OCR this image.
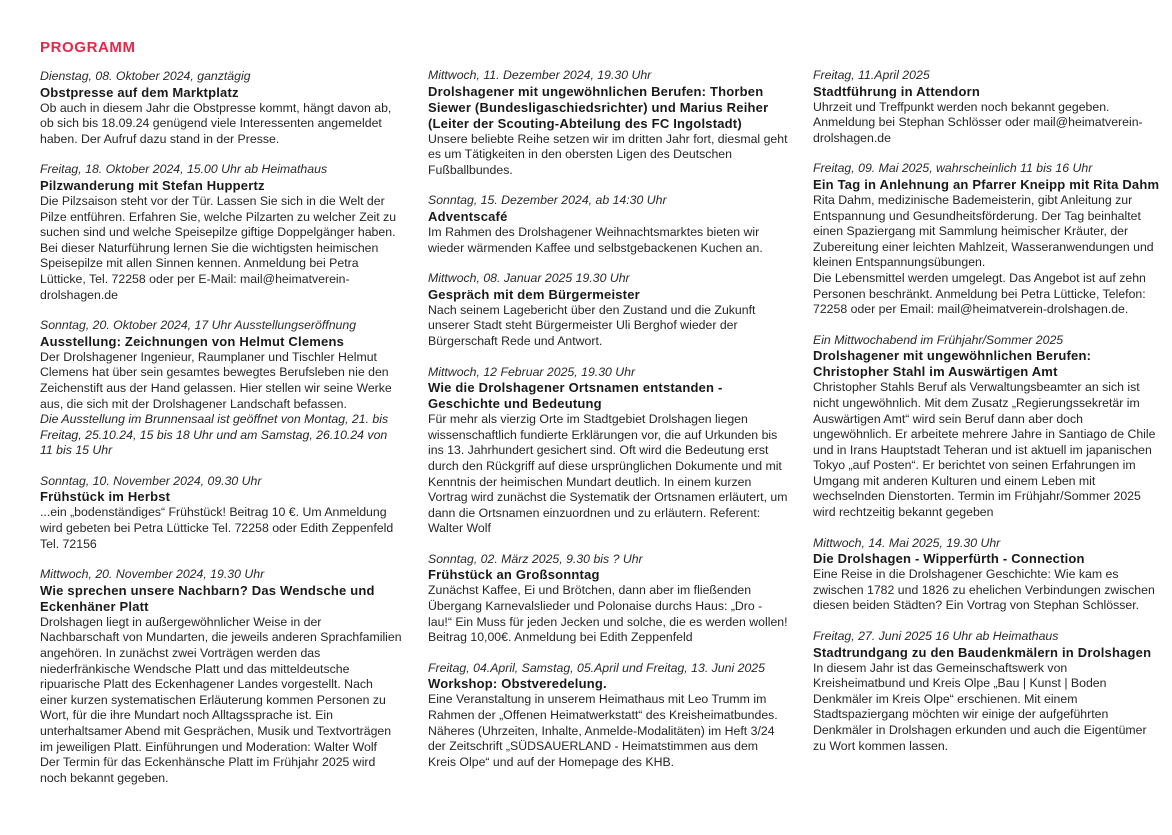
PROGRAMM

Dienstag, 08. Oktober 2024, ganztägig

Obstpresse auf dem Marktplatz

Ob auch in diesem Jahr die Obstpresse kommt, hängt davon ab, ob sich bis 18.09.24 genügend viele Interessenten angemeldet haben. Der Aufruf dazu stand in der Presse.

Freitag, 18. Oktober 2024, 15.00 Uhr ab Heimathaus

Pilzwanderung mit Stefan Huppertz

Die Pilzsaison steht vor der Tür. Lassen Sie sich in die Welt der Pilze entführen. Erfahren Sie, welche Pilzarten zu welcher Zeit zu suchen sind und welche Speisepilze giftige Doppelgänger haben. Bei dieser Naturführung lernen Sie die wichtigsten heimischen Speisepilze mit allen Sinnen kennen. Anmeldung bei Petra Lütticke, Tel. 72258 oder per E-Mail: mail@heimatverein-drolshagen.de

Sonntag, 20. Oktober 2024, 17 Uhr Ausstellungseröffnung

Ausstellung: Zeichnungen von Helmut Clemens

Der Drolshagener Ingenieur, Raumplaner und Tischler Helmut Clemens hat über sein gesamtes bewegtes Berufsleben nie den Zeichenstift aus der Hand gelassen. Hier stellen wir seine Werke aus, die sich mit der Drolshagener Landschaft befassen.

Die Ausstellung im Brunnensaal ist geöffnet von Montag, 21. bis Freitag, 25.10.24, 15 bis 18 Uhr und am Samstag, 26.10.24 von 11 bis 15 Uhr

Sonntag, 10. November 2024, 09.30 Uhr

Frühstück im Herbst

...ein „bodenständiges“ Frühstück! Beitrag 10 €. Um Anmeldung wird gebeten bei Petra Lütticke Tel. 72258 oder Edith Zeppenfeld Tel. 72156

Mittwoch, 20. November 2024, 19.30 Uhr

Wie sprechen unsere Nachbarn? Das Wendsche und Eckenhäner Platt

Drolshagen liegt in außergewöhnlicher Weise in der Nachbarschaft von Mundarten, die jeweils anderen Sprachfamilien angehören. In zunächst zwei Vorträgen werden das niederfränkische Wendsche Platt und das mitteldeutsche ripuarische Platt des Eckenhagener Landes vorgestellt. Nach einer kurzen systematischen Erläuterung kommen Personen zu Wort, für die ihre Mundart noch Alltagssprache ist. Ein unterhaltsamer Abend mit Gesprächen, Musik und Textvorträgen im jeweiligen Platt. Einführungen und Moderation: Walter Wolf

Der Termin für das Eckenhänsche Platt im Frühjahr 2025 wird noch bekannt gegeben.

Mittwoch, 11. Dezember 2024, 19.30 Uhr

Drolshagener mit ungewöhnlichen Berufen: Thorben Siewer (Bundesligaschiedsrichter) und Marius Reiher (Leiter der Scouting-Abteilung des FC Ingolstadt)

Unsere beliebte Reihe setzen wir im dritten Jahr fort, diesmal geht es um Tätigkeiten in den obersten Ligen des Deutschen Fußballbundes.

Sonntag, 15. Dezember 2024, ab 14:30 Uhr

Adventscafé

Im Rahmen des Drolshagener Weihnachtsmarktes bieten wir wieder wärmenden Kaffee und selbstgebackenen Kuchen an.

Mittwoch, 08. Januar 2025 19.30 Uhr

Gespräch mit dem Bürgermeister

Nach seinem Lagebericht über den Zustand und die Zukunft unserer Stadt steht Bürgermeister Uli Berghof wieder der Bürgerschaft Rede und Antwort.

Mittwoch, 12 Februar 2025, 19.30 Uhr

Wie die Drolshagener Ortsnamen entstanden - Geschichte und Bedeutung

Für mehr als vierzig Orte im Stadtgebiet Drolshagen liegen wissenschaftlich fundierte Erklärungen vor, die auf Urkunden bis ins 13. Jahrhundert gesichert sind. Oft wird die Bedeutung erst durch den Rückgriff auf diese ursprünglichen Dokumente und mit Kenntnis der heimischen Mundart deutlich. In einem kurzen Vortrag wird zunächst die Systematik der Ortsnamen erläutert, um dann die Ortsnamen einzuordnen und zu erläutern. Referent: Walter Wolf

Sonntag, 02. März 2025, 9.30 bis ? Uhr

Frühstück an Großsonntag

Zunächst Kaffee, Ei und Brötchen, dann aber im fließenden Übergang Karnevalslieder und Polonaise durchs Haus: „Dro - lau!“ Ein Muss für jeden Jecken und solche, die es werden wollen! Beitrag 10,00€. Anmeldung bei Edith Zeppenfeld

Freitag, 04.April, Samstag, 05.April und Freitag, 13. Juni 2025

Workshop: Obstveredelung.

Eine Veranstaltung in unserem Heimathaus mit Leo Trumm im Rahmen der „Offenen Heimatwerkstatt“ des Kreisheimatbundes. Näheres (Uhrzeiten, Inhalte, Anmelde-Modalitäten) im Heft 3/24 der Zeitschrift „SÜDSAUERLAND - Heimatstimmen aus dem Kreis Olpe“ und auf der Homepage des KHB.

Freitag, 11.April 2025

Stadtführung in Attendorn

Uhrzeit und Treffpunkt werden noch bekannt gegeben. Anmeldung bei Stephan Schlösser oder mail@heimatverein-drolshagen.de

Freitag, 09. Mai 2025, wahrscheinlich 11 bis 16 Uhr

Ein Tag in Anlehnung an Pfarrer Kneipp mit Rita Dahm

Rita Dahm, medizinische Bademeisterin, gibt Anleitung zur Entspannung und Gesundheitsförderung. Der Tag beinhaltet einen Spaziergang mit Sammlung heimischer Kräuter, der Zubereitung einer leichten Mahlzeit, Wasseranwendungen und kleinen Entspannungsübungen.

Die Lebensmittel werden umgelegt. Das Angebot ist auf zehn Personen beschränkt. Anmeldung bei Petra Lütticke, Telefon: 72258 oder per Email: mail@heimatverein-drolshagen.de.

Ein Mittwochabend im Frühjahr/Sommer 2025

Drolshagener mit ungewöhnlichen Berufen: Christopher Stahl im Auswärtigen Amt

Christopher Stahls Beruf als Verwaltungsbeamter an sich ist nicht ungewöhnlich. Mit dem Zusatz „Regierungssekretär im Auswärtigen Amt“ wird sein Beruf dann aber doch ungewöhnlich. Er arbeitete mehrere Jahre in Santiago de Chile und in Irans Hauptstadt Teheran und ist aktuell im japanischen Tokyo „auf Posten“. Er berichtet von seinen Erfahrungen im Umgang mit anderen Kulturen und einem Leben mit wechselnden Dienstorten. Termin im Frühjahr/Sommer 2025 wird rechtzeitig bekannt gegeben

Mittwoch, 14. Mai 2025, 19.30 Uhr

Die Drolshagen - Wipperfürth - Connection

Eine Reise in die Drolshagener Geschichte: Wie kam es zwischen 1782 und 1826 zu ehelichen Verbindungen zwischen diesen beiden Städten? Ein Vortrag von Stephan Schlösser.

Freitag, 27. Juni 2025 16 Uhr ab Heimathaus

Stadtrundgang zu den Baudenkmälern in Drolshagen

In diesem Jahr ist das Gemeinschaftswerk von Kreisheimatbund und Kreis Olpe „Bau | Kunst | Boden Denkmäler im Kreis Olpe“ erschienen. Mit einem Stadtspaziergang möchten wir einige der aufgeführten Denkmäler in Drolshagen erkunden und auch die Eigentümer zu Wort kommen lassen.
